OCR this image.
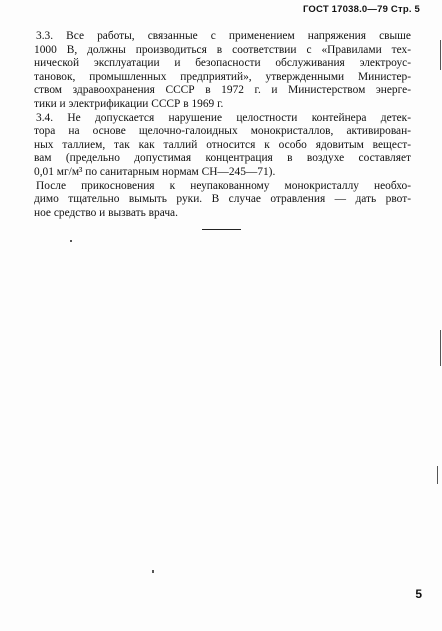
ГОСТ 17038.0—79 Стр. 5
3.3. Все работы, связанные с применением напряжения свыше
1000 В, должны производиться в соответствии с «Правилами тех-
нической эксплуатации и безопасности обслуживания электроус-
тановок, промышленных предприятий», утвержденными Министер-
ством здравоохранения СССР в 1972 г. и Министерством энерге-
тики и электрификации СССР в 1969 г.
3.4. Не допускается нарушение целостности контейнера детек-
тора на основе щелочно-галоидных монокристаллов, активирован-
ных таллием, так как таллий относится к особо ядовитым вещест-
вам (предельно допустимая концентрация в воздухе составляет
0,01 мг/м³ по санитарным нормам СН—245—71).
После прикосновения к неупакованному монокристаллу необхо-
димо тщательно вымыть руки. В случае отравления — дать рвот-
ное средство и вызвать врача.
5
